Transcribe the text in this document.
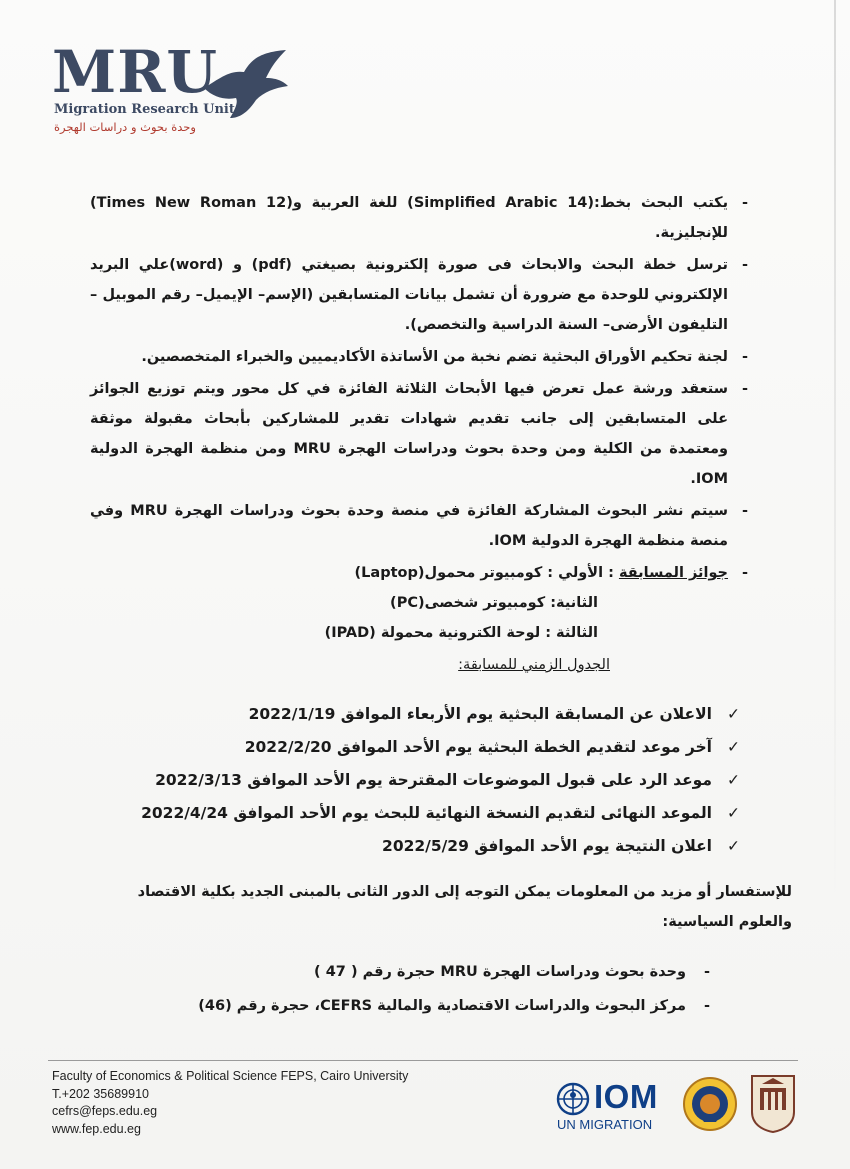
MRU
Migration Research Unit
وحدة بحوث و دراسات الهجرة
- يكتب البحث بخط:(Simplified Arabic 14) للغة العربية و(Times New Roman 12) للإنجليزية.
- ترسل خطة البحث والابحاث فى صورة إلكترونية بصيغتي (pdf) و (word)علي البريد الإلكتروني للوحدة مع ضرورة أن تشمل بيانات المتسابقين (الإسم– الإيميل– رقم الموبيل – التليفون الأرضى– السنة الدراسية والتخصص).
- لجنة تحكيم الأوراق البحثية تضم نخبة من الأساتذة الأكاديميين والخبراء المتخصصين.
- ستعقد ورشة عمل تعرض فيها الأبحاث الثلاثة الفائزة في كل محور ويتم توزيع الجوائز على المتسابقين إلى جانب تقديم شهادات تقدير للمشاركين بأبحاث مقبولة موثقة ومعتمدة من الكلية ومن وحدة بحوث ودراسات الهجرة MRU ومن منظمة الهجرة الدولية IOM.
- سيتم نشر البحوث المشاركة الفائزة في منصة وحدة بحوث ودراسات الهجرة MRU وفي منصة منظمة الهجرة الدولية IOM.
- جوائز المسابقة : الأولي : كومبيوتر محمول(Laptop)
الثانية: كومبيوتر شخصى(PC)
الثالثة : لوحة الكترونية محمولة (IPAD)
الجدول الزمني للمسابقة:
✓
الاعلان عن المسابقة البحثية يوم الأربعاء الموافق 2022/1/19
✓
آخر موعد لتقديم الخطة البحثية يوم الأحد الموافق 2022/2/20
✓
موعد الرد على قبول الموضوعات المقترحة يوم الأحد الموافق 2022/3/13
✓
الموعد النهائى لتقديم النسخة النهائية للبحث يوم الأحد الموافق 2022/4/24
✓
اعلان النتيجة يوم الأحد الموافق 2022/5/29
للإستفسار أو مزيد من المعلومات يمكن التوجه إلى الدور الثانى بالمبنى الجديد بكلية الاقتصاد والعلوم السياسية:
-
وحدة بحوث ودراسات الهجرة MRU حجرة رقم ( 47 )
-
مركز البحوث والدراسات الاقتصادية والمالية CEFRS، حجرة رقم (46)
Faculty of Economics & Political Science FEPS, Cairo University
T.+202 35689910
cefrs@feps.edu.eg
www.fep.edu.eg
IOM
UN MIGRATION
